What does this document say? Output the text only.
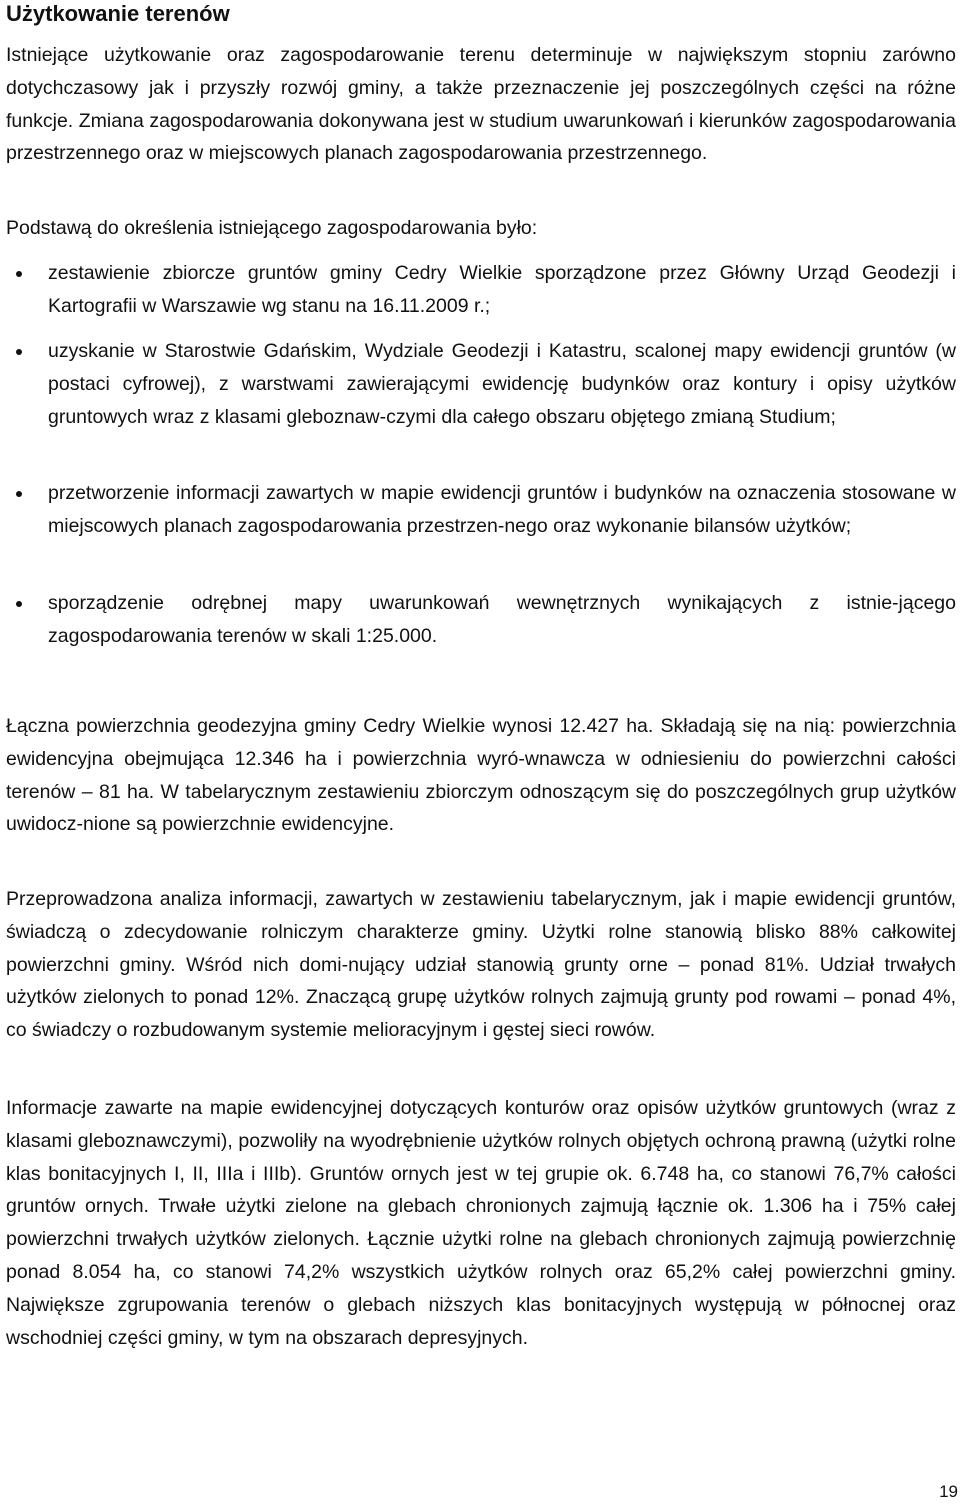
Użytkowanie terenów

Istniejące użytkowanie oraz zagospodarowanie terenu determinuje w największym stopniu zarówno dotychczasowy jak i przyszły rozwój gminy, a także przeznaczenie jej poszczególnych części na różne funkcje. Zmiana zagospodarowania dokonywana jest w studium uwarunkowań i kierunków zagospodarowania przestrzennego oraz w miejscowych planach zagospodarowania przestrzennego.

Podstawą do określenia istniejącego zagospodarowania było:

zestawienie zbiorcze gruntów gminy Cedry Wielkie sporządzone przez Główny Urząd Geodezji i Kartografii w Warszawie wg stanu na 16.11.2009 r.;

uzyskanie w Starostwie Gdańskim, Wydziale Geodezji i Katastru, scalonej mapy ewidencji gruntów (w postaci cyfrowej), z warstwami zawierającymi ewidencję budynków oraz kontury i opisy użytków gruntowych wraz z klasami gleboznaw-czymi dla całego obszaru objętego zmianą Studium;

przetworzenie informacji zawartych w mapie ewidencji gruntów i budynków na oznaczenia stosowane w miejscowych planach zagospodarowania przestrzen-nego oraz wykonanie bilansów użytków;

sporządzenie odrębnej mapy uwarunkowań wewnętrznych wynikających z istnie-jącego zagospodarowania terenów w skali 1:25.000.

Łączna powierzchnia geodezyjna gminy Cedry Wielkie wynosi 12.427 ha. Składają się na nią: powierzchnia ewidencyjna obejmująca 12.346 ha i powierzchnia wyró-wnawcza w odniesieniu do powierzchni całości terenów – 81 ha. W tabelarycznym zestawieniu zbiorczym odnoszącym się do poszczególnych grup użytków uwidocz-nione są powierzchnie ewidencyjne.

Przeprowadzona analiza informacji, zawartych w zestawieniu tabelarycznym, jak i mapie ewidencji gruntów, świadczą o zdecydowanie rolniczym charakterze gminy. Użytki rolne stanowią blisko 88% całkowitej powierzchni gminy. Wśród nich domi-nujący udział stanowią grunty orne – ponad 81%. Udział trwałych użytków zielonych to ponad 12%. Znaczącą grupę użytków rolnych zajmują grunty pod rowami – ponad 4%, co świadczy o rozbudowanym systemie melioracyjnym i gęstej sieci rowów.

Informacje zawarte na mapie ewidencyjnej dotyczących konturów oraz opisów użytków gruntowych (wraz z klasami gleboznawczymi), pozwoliły na wyodrębnienie użytków rolnych objętych ochroną prawną (użytki rolne klas bonitacyjnych I, II, IIIa i IIIb). Gruntów ornych jest w tej grupie ok. 6.748 ha, co stanowi 76,7% całości gruntów ornych. Trwałe użytki zielone na glebach chronionych zajmują łącznie ok. 1.306 ha i 75% całej powierzchni trwałych użytków zielonych. Łącznie użytki rolne na glebach chronionych zajmują powierzchnię ponad 8.054 ha, co stanowi 74,2% wszystkich użytków rolnych oraz 65,2% całej powierzchni gminy. Największe zgrupowania terenów o glebach niższych klas bonitacyjnych występują w północnej oraz wschodniej części gminy, w tym na obszarach depresyjnych.

19
